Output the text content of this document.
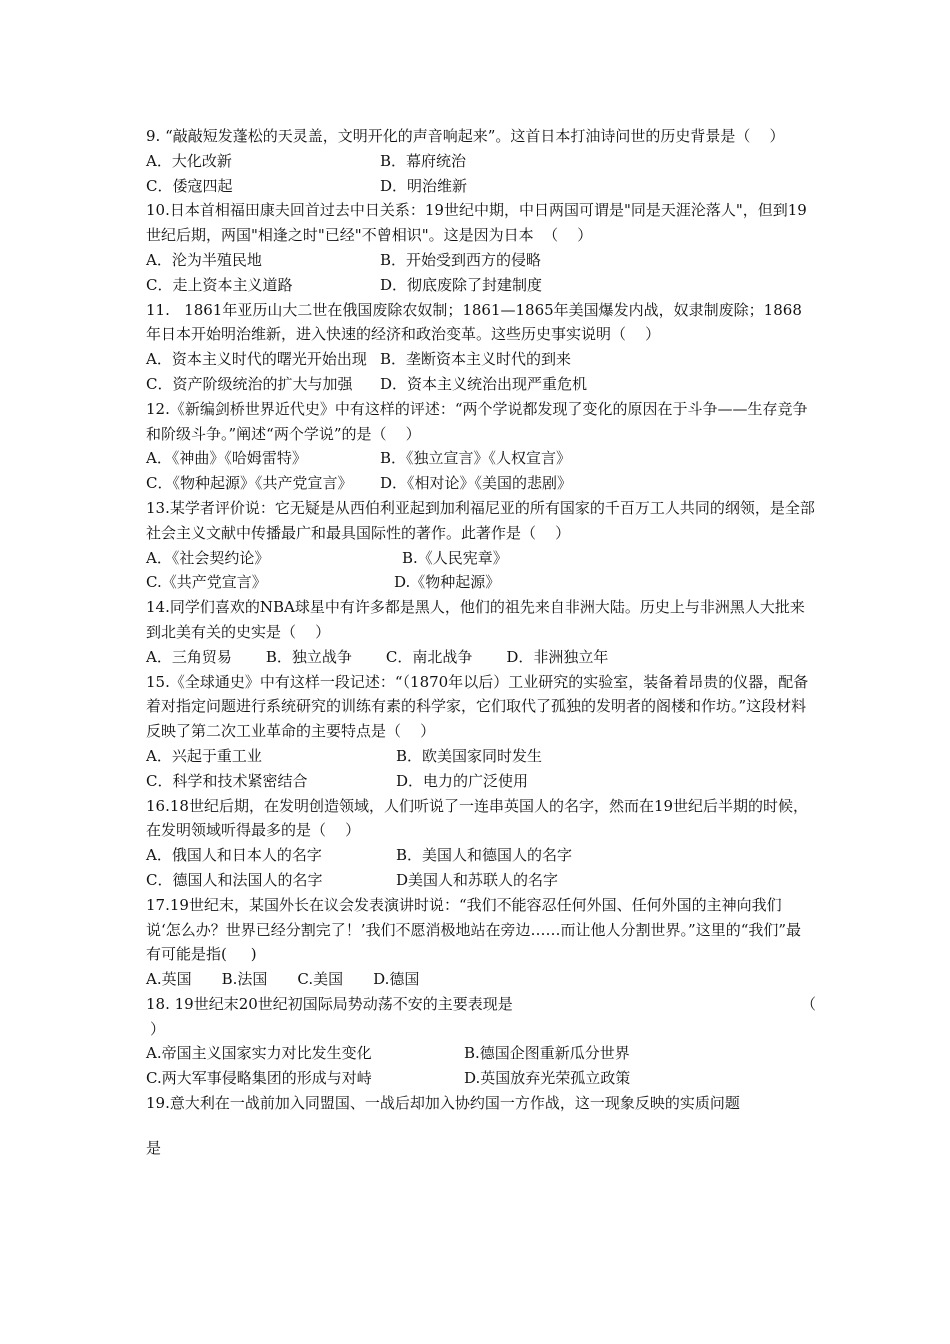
9. “敲敲短发蓬松的天灵盖，文明开化的声音响起来”。这首日本打油诗问世的历史背景是（    ）
A．大化改新	B．幕府统治
C．倭寇四起	D．明治维新
10.日本首相福田康夫回首过去中日关系：19世纪中期，中日两国可谓是"同是天涯沦落人"，但到19世纪后期，两国"相逢之时"已经"不曾相识"。这是因为日本  （    ）
A．沦为半殖民地	B．开始受到西方的侵略
C．走上资本主义道路	D．彻底废除了封建制度
11.   1861年亚历山大二世在俄国废除农奴制；1861—1865年美国爆发内战，奴隶制废除；1868年日本开始明治维新，进入快速的经济和政治变革。这些历史事实说明（    ）
A．资本主义时代的曙光开始出现 B．垄断资本主义时代的到来
C．资产阶级统治的扩大与加强	D．资本主义统治出现严重危机
12.《新编剑桥世界近代史》中有这样的评述：“两个学说都发现了变化的原因在于斗争——生存竞争和阶级斗争。”阐述“两个学说”的是（    ）
A．《神曲》《哈姆雷特》	B．《独立宣言》《人权宣言》
C．《物种起源》《共产党宣言》	D．《相对论》《美国的悲剧》
13.某学者评价说：它无疑是从西伯利亚起到加利福尼亚的所有国家的千百万工人共同的纲领，是全部社会主义文献中传播最广和最具国际性的著作。此著作是（    ）
A．《社会契约论》	B.《人民宪章》
C.《共产党宣言》	D.《物种起源》
14.同学们喜欢的NBA球星中有许多都是黑人，他们的祖先来自非洲大陆。历史上与非洲黑人大批来到北美有关的史实是（    ）
A．三角贸易 B．独立战争 C．南北战争 D．非洲独立年
15.《全球通史》中有这样一段记述：“（1870年以后）工业研究的实验室，装备着昂贵的仪器，配备着对指定问题进行系统研究的训练有素的科学家，它们取代了孤独的发明者的阁楼和作坊。”这段材料反映了第二次工业革命的主要特点是（    ）
A．兴起于重工业	B．欧美国家同时发生
C．科学和技术紧密结合	D．电力的广泛使用
16.18世纪后期，在发明创造领域，人们听说了一连串英国人的名字，然而在19世纪后半期的时候，在发明领域听得最多的是（    ）
A．俄国人和日本人的名字	B．美国人和德国人的名字
C．德国人和法国人的名字	D美国人和苏联人的名字
17.19世纪末，某国外长在议会发表演讲时说：“我们不能容忍任何外国、任何外国的主神向我们说‘怎么办？世界已经分割完了！’我们不愿消极地站在旁边……而让他人分割世界。”这里的“我们”最有可能是指(     )
A.英国 B.法国 C.美国 D.德国
18. 19世纪末20世纪初国际局势动荡不安的主要表现是	（
）
A.帝国主义国家实力对比发生变化	B.德国企图重新瓜分世界
C.两大军事侵略集团的形成与对峙	D.英国放弃光荣孤立政策
19.意大利在一战前加入同盟国、一战后却加入协约国一方作战，这一现象反映的实质问题
是
